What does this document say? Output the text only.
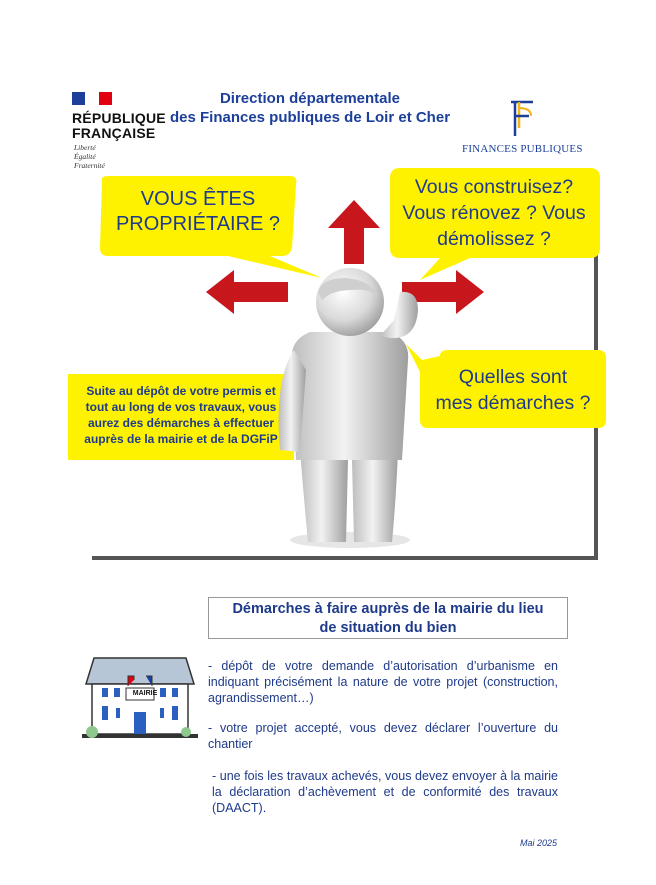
RÉPUBLIQUE
FRANÇAISE
Liberté
Égalité
Fraternité
Direction départementale
des Finances publiques de Loir et Cher
FINANCES PUBLIQUES
VOUS ÊTES
PROPRIÉTAIRE ?
Vous construisez?
Vous rénovez ? Vous
démolissez ?
Quelles sont
mes démarches ?
Suite au dépôt de votre permis et
tout au long de vos travaux, vous
aurez des démarches à effectuer
auprès de la mairie et de la DGFiP
Démarches à faire auprès de la mairie du lieu
de situation du bien
MAIRIE
- dépôt de votre demande d’autorisation d’urbanisme en indiquant précisément la nature de votre projet (construction, agrandissement…)
- votre projet accepté, vous devez déclarer l’ouverture du chantier
- une fois les travaux achevés, vous devez envoyer à la mairie la déclaration d’achèvement et de conformité des travaux (DAACT).
Mai 2025
